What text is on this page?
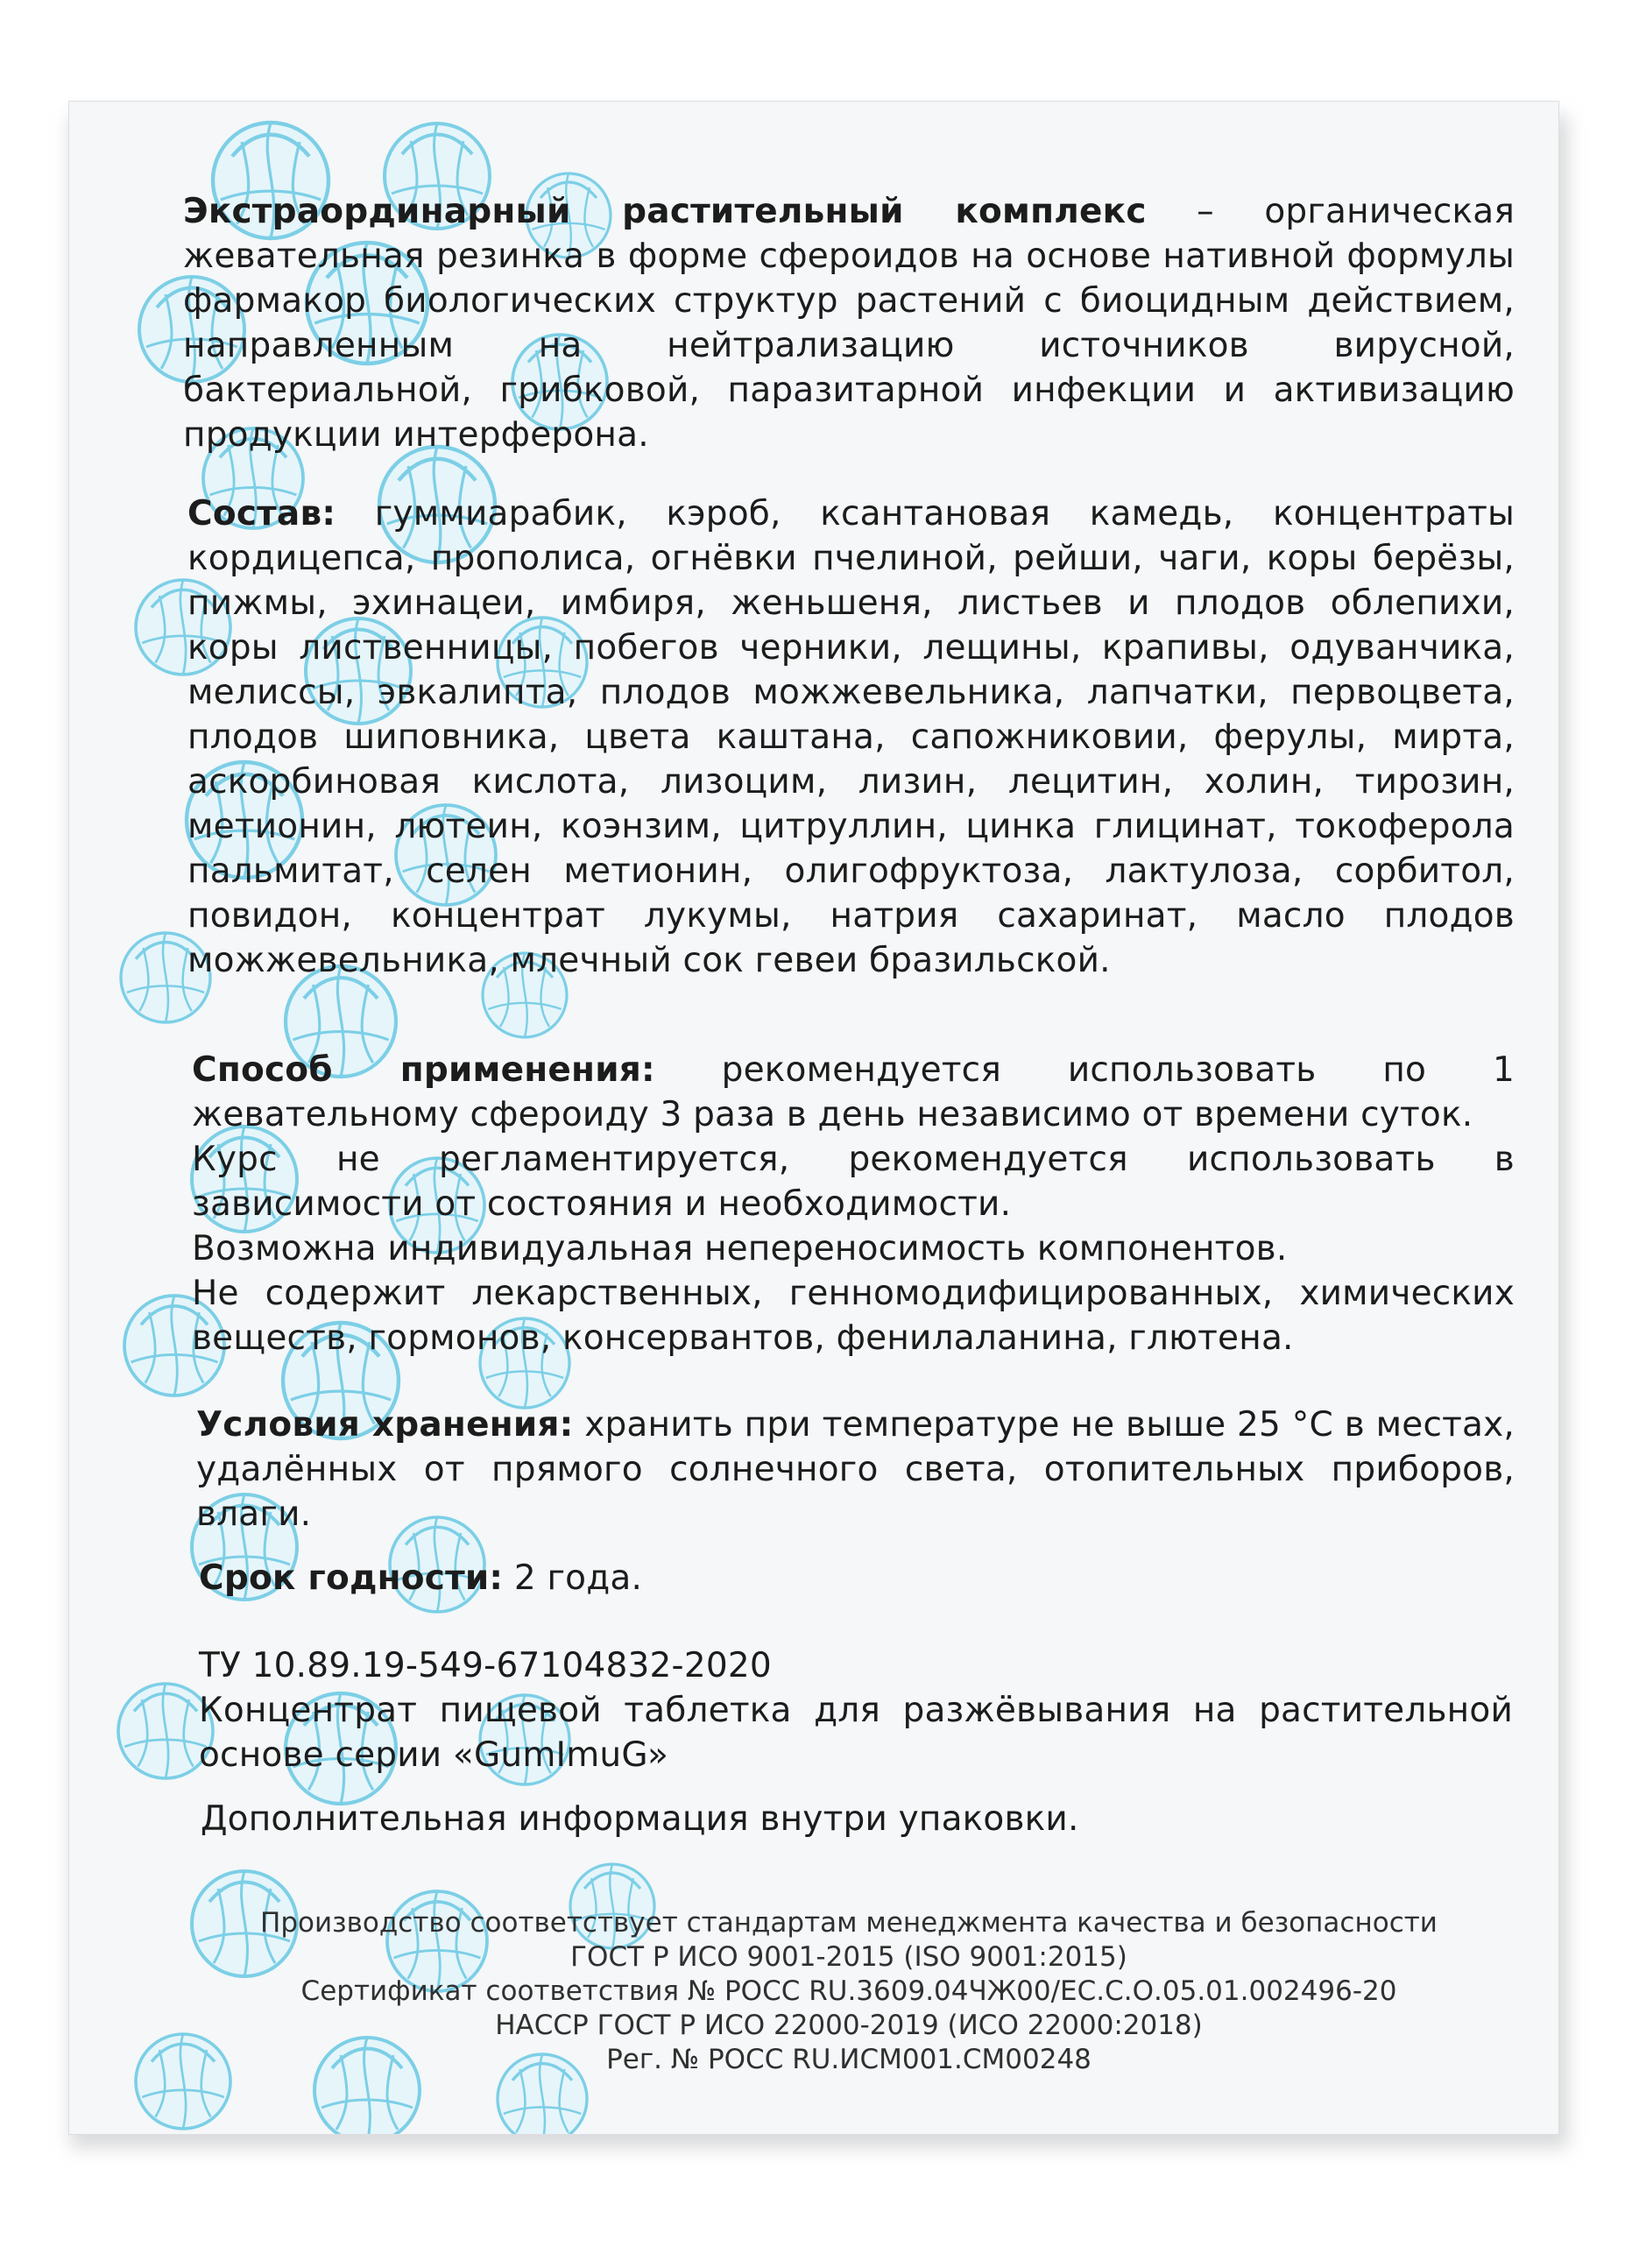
Экстраординарный растительный комплекс – органическая жевательная резинка в форме сфероидов на основе нативной формулы фармакор биологических структур растений с биоцидным действием, направленным на нейтрализацию источников вирусной, бактериальной, грибковой, паразитарной инфекции и активизацию продукции интерферона.
Состав: гуммиарабик, кэроб, ксантановая камедь, концентраты кордицепса, прополиса, огнёвки пчелиной, рейши, чаги, коры берёзы, пижмы, эхинацеи, имбиря, женьшеня, листьев и плодов облепихи, коры лиственницы, побегов черники, лещины, крапивы, одуванчика, мелиссы, эвкалипта, плодов можжевельника, лапчатки, первоцвета, плодов шиповника, цвета каштана, сапожниковии, ферулы, мирта, аскорбиновая кислота, лизоцим, лизин, лецитин, холин, тирозин, метионин, лютеин, коэнзим, цитруллин, цинка глицинат, токоферола пальмитат, селен метионин, олигофруктоза, лактулоза, сорбитол, повидон, концентрат лукумы, натрия сахаринат, масло плодов можжевельника, млечный сок гевеи бразильской.

Способ применения: рекомендуется использовать по 1 жевательному сфероиду 3 раза в день независимо от времени суток.

Курс не регламентируется, рекомендуется использовать в зависимости от состояния и необходимости.

Возможна индивидуальная непереносимость компонентов.

Не содержит лекарственных, генномодифицированных, химических веществ, гормонов, консервантов, фенилаланина, глютена.

Условия хранения: хранить при температуре не выше 25 °С в местах, удалённых от прямого солнечного света, отопительных приборов, влаги.
Срок годности: 2 года.

ТУ 10.89.19-549-67104832-2020

Концентрат пищевой таблетка для разжёвывания на растительной основе серии «GumImuG»

Дополнительная информация внутри упаковки.

Производство соответствует стандартам менеджмента качества и безопасности

ГОСТ Р ИСО 9001-2015 (ISO 9001:2015)

Сертификат соответствия № РОСС RU.3609.04ЧЖ00/ЕС.С.О.05.01.002496-20

НАССР ГОСТ Р ИСО 22000-2019 (ИСО 22000:2018)

Рег. № РОСС RU.ИСМ001.СМ00248
